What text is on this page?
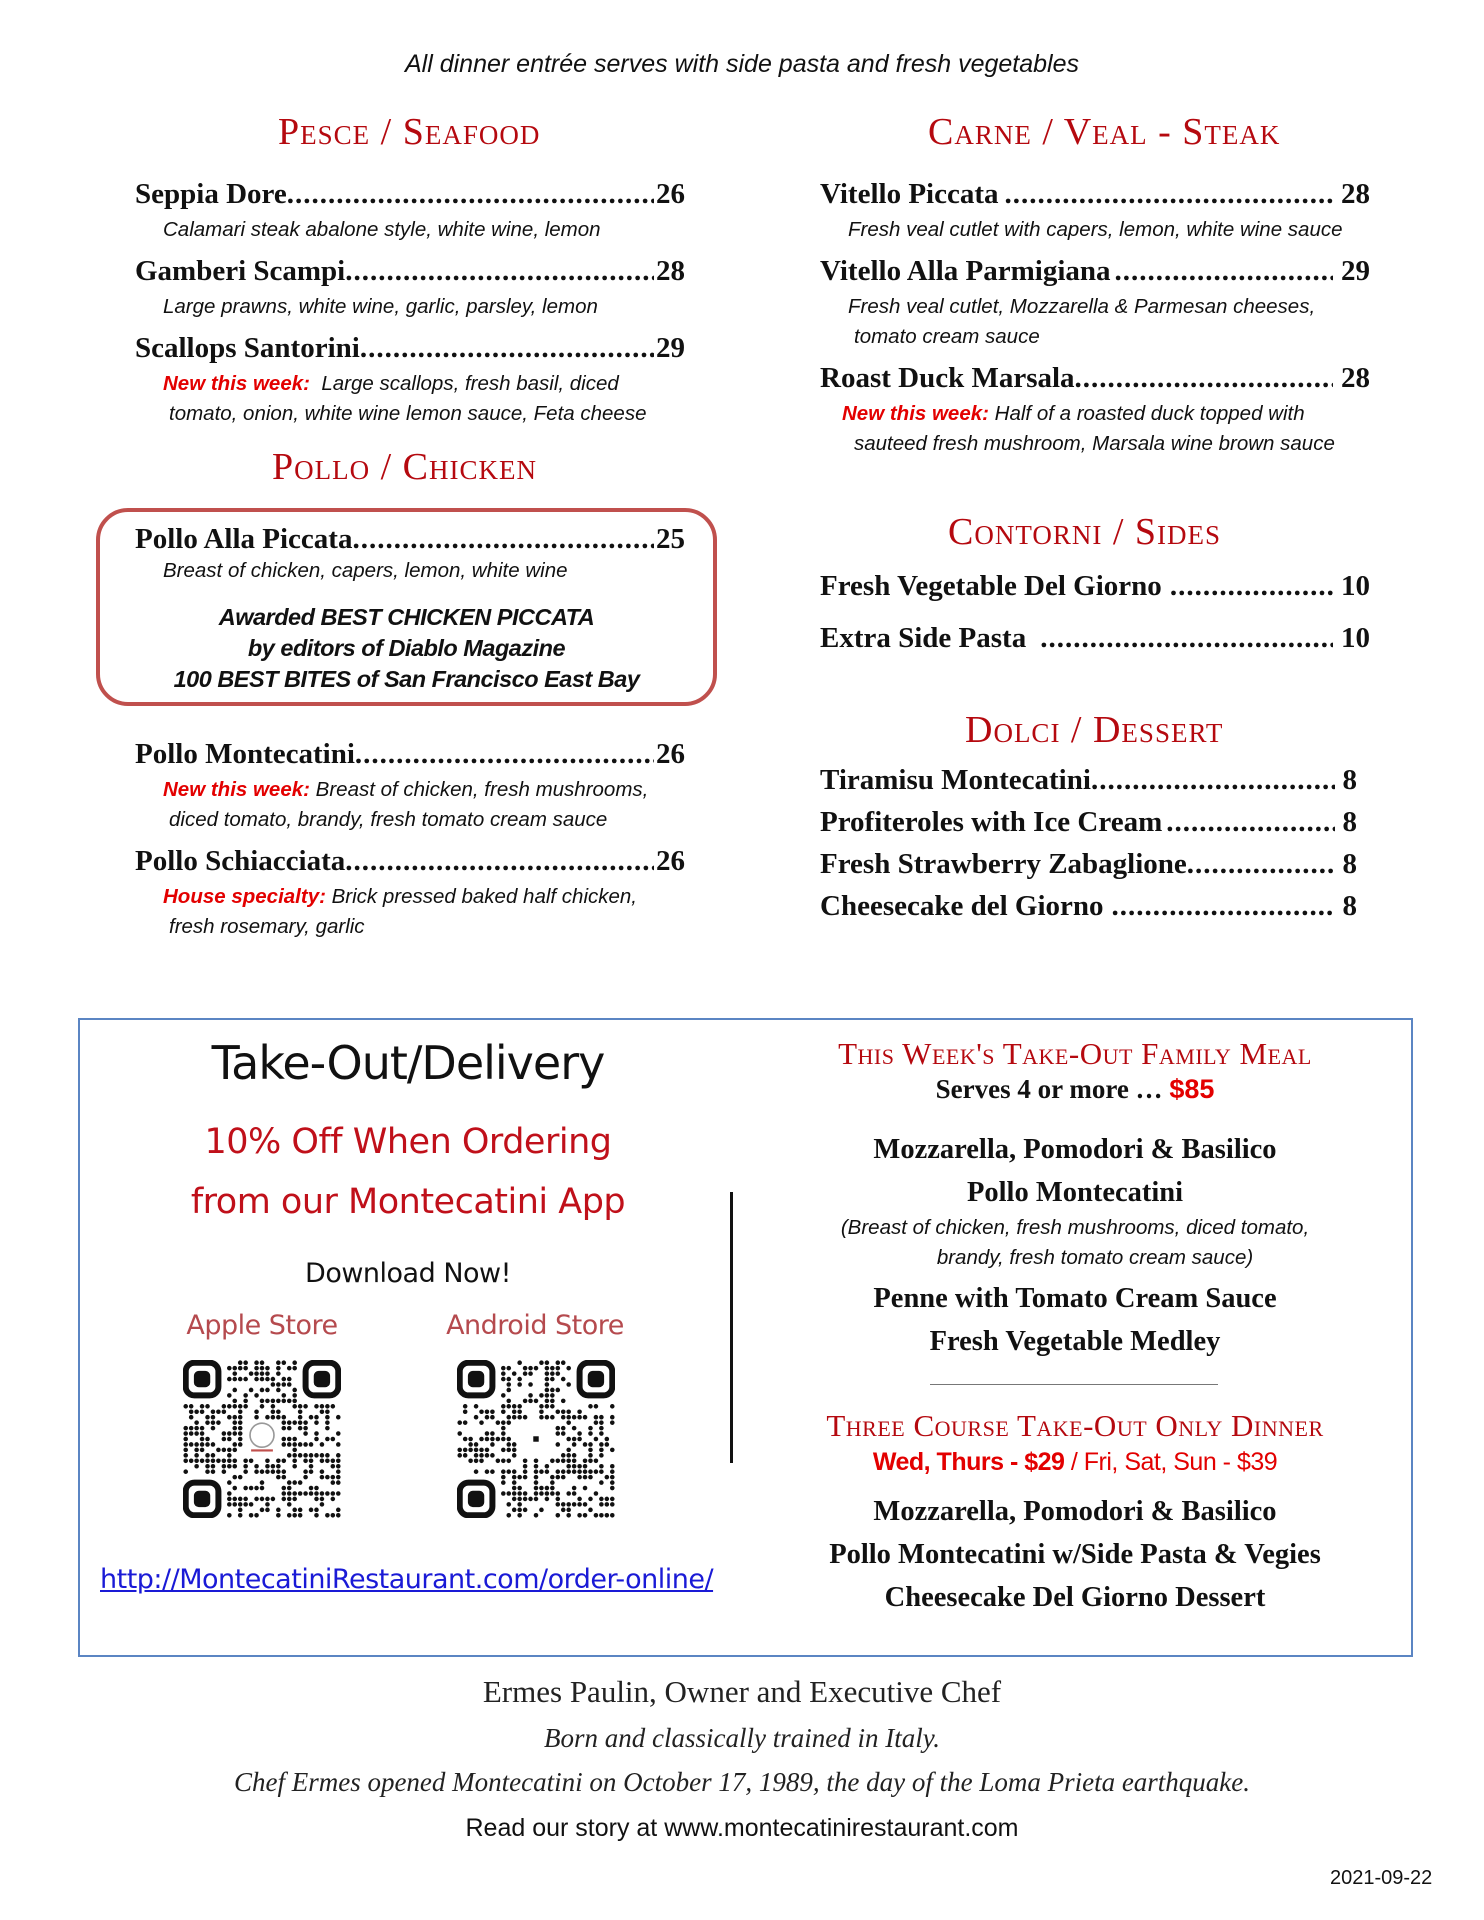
All dinner entrée serves with side pasta and fresh vegetables
Pesce / Seafood
Seppia Dore .....	26
Calamari steak abalone style, white wine, lemon
Gamberi Scampi .....	28
Large prawns, white wine, garlic, parsley, lemon
Scallops Santorini .....	29
New this week: Large scallops, fresh basil, diced
tomato, onion, white wine lemon sauce, Feta cheese
Pollo / Chicken
Pollo Alla Piccata .....	25
Breast of chicken, capers, lemon, white wine
Awarded BEST CHICKEN PICCATA
by editors of Diablo Magazine
100 BEST BITES of San Francisco East Bay
Pollo Montecatini .....	26
New this week: Breast of chicken, fresh mushrooms,
diced tomato, brandy, fresh tomato cream sauce
Pollo Schiacciata .....	26
House specialty: Brick pressed baked half chicken,
fresh rosemary, garlic
Carne / Veal - Steak
Vitello Piccata .....	28
Fresh veal cutlet with capers, lemon, white wine sauce
Vitello Alla Parmigiana .....	29
Fresh veal cutlet, Mozzarella & Parmesan cheeses,
tomato cream sauce
Roast Duck Marsala .....	28
New this week: Half of a roasted duck topped with
sauteed fresh mushroom, Marsala wine brown sauce
Contorni / Sides
Fresh Vegetable Del Giorno .....	10
Extra Side Pasta .....	10
Dolci / Dessert
Tiramisu Montecatini .....	8
Profiteroles with Ice Cream .....	8
Fresh Strawberry Zabaglione .....	8
Cheesecake del Giorno .....	8
Take-Out/Delivery
10% Off When Ordering
from our Montecatini App
Download Now!
Apple Store	Android Store
http://MontecatiniRestaurant.com/order-online/
This Week's Take-Out Family Meal
Serves 4 or more … $85
Mozzarella, Pomodori & Basilico
Pollo Montecatini
(Breast of chicken, fresh mushrooms, diced tomato,
brandy, fresh tomato cream sauce)
Penne with Tomato Cream Sauce
Fresh Vegetable Medley
Three Course Take-Out Only Dinner
Wed, Thurs - $29 / Fri, Sat, Sun - $39
Mozzarella, Pomodori & Basilico
Pollo Montecatini w/Side Pasta & Vegies
Cheesecake Del Giorno Dessert
Ermes Paulin, Owner and Executive Chef
Born and classically trained in Italy.
Chef Ermes opened Montecatini on October 17, 1989, the day of the Loma Prieta earthquake.
Read our story at www.montecatinirestaurant.com
2021-09-22
